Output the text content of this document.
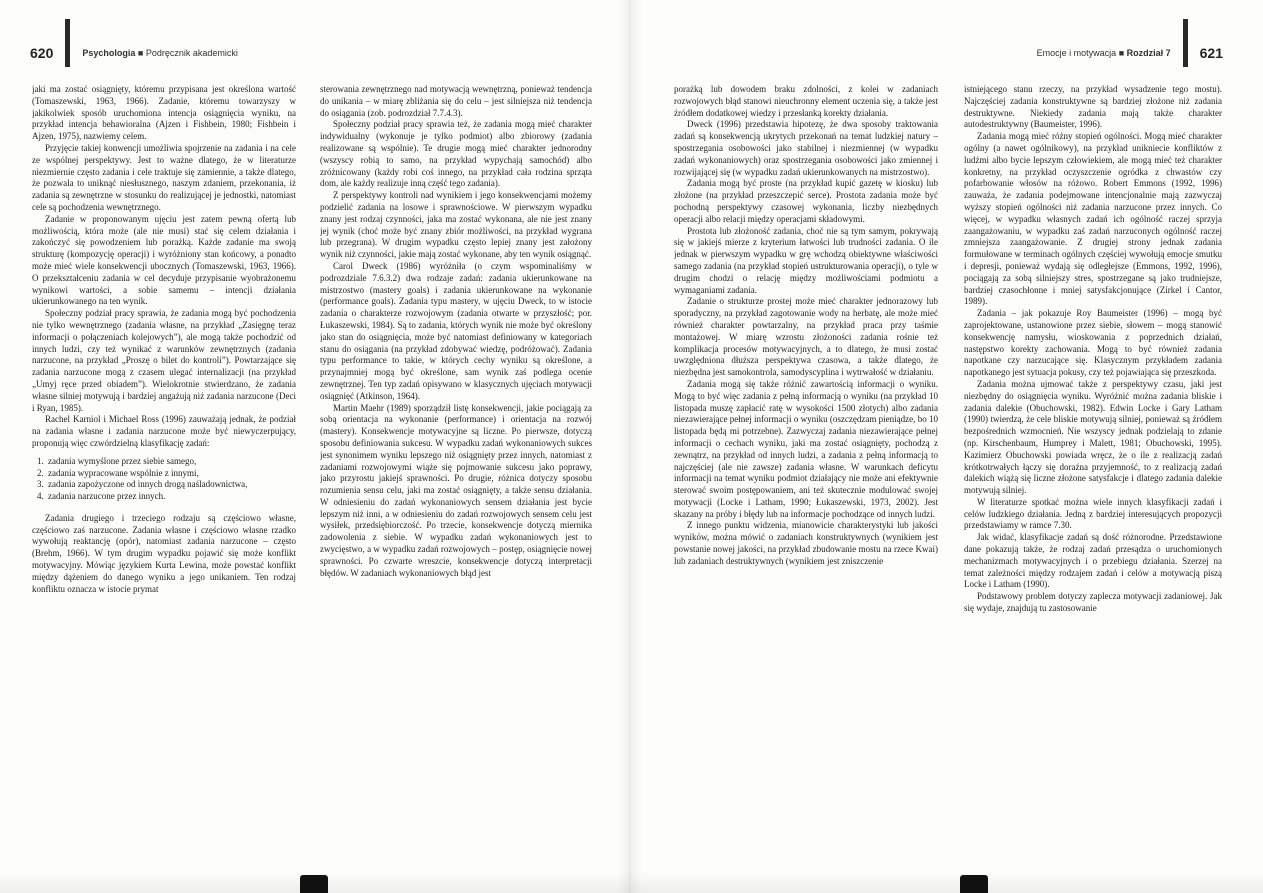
620	Psychologia ■ Podręcznik akademicki	Emocje i motywacja ■ Rozdział 7 621

jaki ma zostać osiągnięty, któremu przypisana jest określona wartość (Tomaszewski, 1963, 1966). Zadanie, któremu towarzyszy w jakikolwiek sposób uruchomiona intencja osiągnięcia wyniku, na przykład intencja behawioralna (Ajzen i Fishbein, 1980; Fishbein i Ajzen, 1975), nazwiemy celem.

Przyjęcie takiej konwencji umożliwia spojrzenie na zadania i na cele ze wspólnej perspektywy. Jest to ważne dlatego, że w literaturze niezmiernie często zadania i cele traktuje się zamiennie, a także dlatego, że pozwala to uniknąć niesłusznego, naszym zdaniem, przekonania, iż zadania są zewnętrzne w stosunku do realizującej je jednostki, natomiast cele są pochodzenia wewnętrznego.

Zadanie w proponowanym ujęciu jest zatem pewną ofertą lub możliwością, która może (ale nie musi) stać się celem działania i zakończyć się powodzeniem lub porażką. Każde zadanie ma swoją strukturę (kompozycję operacji) i wyróżniony stan końcowy, a ponadto może mieć wiele konsekwencji ubocznych (Tomaszewski, 1963, 1966). O przekształceniu zadania w cel decyduje przypisanie wyobrażonemu wynikowi wartości, a sobie samemu – intencji działania ukierunkowanego na ten wynik.

Społeczny podział pracy sprawia, że zadania mogą być pochodzenia nie tylko wewnętrznego (zadania własne, na przykład „Zasięgnę teraz informacji o połączeniach kolejowych”), ale mogą także pochodzić od innych ludzi, czy też wynikać z warunków zewnętrznych (zadania narzucone, na przykład „Proszę o bilet do kontroli”). Powtarzające się zadania narzucone mogą z czasem ulegać internalizacji (na przykład „Umyj ręce przed obiadem”). Wielokrotnie stwierdzano, że zadania własne silniej motywują i bardziej angażują niż zadania narzucone (Deci i Ryan, 1985).

Rachel Karniol i Michael Ross (1996) zauważają jednak, że podział na zadania własne i zadania narzucone może być niewyczerpujący, proponują więc czwórdzielną klasyfikację zadań:

1. zadania wymyślone przez siebie samego,
2. zadania wypracowane wspólnie z innymi,
3. zadania zapożyczone od innych drogą naśladownictwa,
4. zadania narzucone przez innych.

Zadania drugiego i trzeciego rodzaju są częściowo własne, częściowo zaś narzucone. Zadania własne i częściowo własne rzadko wywołują reaktancję (opór), natomiast zadania narzucone – często (Brehm, 1966). W tym drugim wypadku pojawić się może konflikt motywacyjny. Mówiąc językiem Kurta Lewina, może powstać konflikt między dążeniem do danego wyniku a jego unikaniem. Ten rodzaj konfliktu oznacza w istocie prymat

sterowania zewnętrznego nad motywacją wewnętrzną, ponieważ tendencja do unikania – w miarę zbliżania się do celu – jest silniejsza niż tendencja do osiągania (zob. podrozdział 7.7.4.3).

Społeczny podział pracy sprawia też, że zadania mogą mieć charakter indywidualny (wykonuje je tylko podmiot) albo zbiorowy (zadania realizowane są wspólnie). Te drugie mogą mieć charakter jednorodny (wszyscy robią to samo, na przykład wypychają samochód) albo zróżnicowany (każdy robi coś innego, na przykład cała rodzina sprząta dom, ale każdy realizuje inną część tego zadania).

Z perspektywy kontroli nad wynikiem i jego konsekwencjami możemy podzielić zadania na losowe i sprawnościowe. W pierwszym wypadku znany jest rodzaj czynności, jaka ma zostać wykonana, ale nie jest znany jej wynik (choć może być znany zbiór możliwości, na przykład wygrana lub przegrana). W drugim wypadku często lepiej znany jest założony wynik niż czynności, jakie mają zostać wykonane, aby ten wynik osiągnąć.

Carol Dweck (1986) wyróżniła (o czym wspominaliśmy w podrozdziale 7.6.3.2) dwa rodzaje zadań: zadania ukierunkowane na mistrzostwo (mastery goals) i zadania ukierunkowane na wykonanie (performance goals). Zadania typu mastery, w ujęciu Dweck, to w istocie zadania o charakterze rozwojowym (zadania otwarte w przyszłość; por. Łukaszewski, 1984). Są to zadania, których wynik nie może być określony jako stan do osiągnięcia, może być natomiast definiowany w kategoriach stanu do osiągania (na przykład zdobywać wiedzę, podróżować). Zadania typu performance to takie, w których cechy wyniku są określone, a przynajmniej mogą być określone, sam wynik zaś podlega ocenie zewnętrznej. Ten typ zadań opisywano w klasycznych ujęciach motywacji osiągnięć (Atkinson, 1964).

Martin Maehr (1989) sporządził listę konsekwencji, jakie pociągają za sobą orientacja na wykonanie (performance) i orientacja na rozwój (mastery). Konsekwencje motywacyjne są liczne. Po pierwsze, dotyczą sposobu definiowania sukcesu. W wypadku zadań wykonaniowych sukces jest synonimem wyniku lepszego niż osiągnięty przez innych, natomiast z zadaniami rozwojowymi wiąże się pojmowanie sukcesu jako poprawy, jako przyrostu jakiejś sprawności. Po drugie, różnica dotyczy sposobu rozumienia sensu celu, jaki ma zostać osiągnięty, a także sensu działania. W odniesieniu do zadań wykonaniowych sensem działania jest bycie lepszym niż inni, a w odniesieniu do zadań rozwojowych sensem celu jest wysiłek, przedsiębiorczość. Po trzecie, konsekwencje dotyczą miernika zadowolenia z siebie. W wypadku zadań wykonaniowych jest to zwycięstwo, a w wypadku zadań rozwojowych – postęp, osiągnięcie nowej sprawności. Po czwarte wreszcie, konsekwencje dotyczą interpretacji błędów. W zadaniach wykonaniowych błąd jest

porażką lub dowodem braku zdolności, z kolei w zadaniach rozwojowych błąd stanowi nieuchronny element uczenia się, a także jest źródłem dodatkowej wiedzy i przesłanką korekty działania.

Dweck (1996) przedstawia hipotezę, że dwa sposoby traktowania zadań są konsekwencją ukrytych przekonań na temat ludzkiej natury – spostrzegania osobowości jako stabilnej i niezmiennej (w wypadku zadań wykonaniowych) oraz spostrzegania osobowości jako zmiennej i rozwijającej się (w wypadku zadań ukierunkowanych na mistrzostwo).

Zadania mogą być proste (na przykład kupić gazetę w kiosku) lub złożone (na przykład przeszczepić serce). Prostota zadania może być pochodną perspektywy czasowej wykonania, liczby niezbędnych operacji albo relacji między operacjami składowymi.

Prostota lub złożoność zadania, choć nie są tym samym, pokrywają się w jakiejś mierze z kryterium łatwości lub trudności zadania. O ile jednak w pierwszym wypadku w grę wchodzą obiektywne właściwości samego zadania (na przykład stopień ustrukturowania operacji), o tyle w drugim chodzi o relację między możliwościami podmiotu a wymaganiami zadania.

Zadanie o strukturze prostej może mieć charakter jednorazowy lub sporadyczny, na przykład zagotowanie wody na herbatę, ale może mieć również charakter powtarzalny, na przykład praca przy taśmie montażowej. W miarę wzrostu złożoności zadania rośnie też komplikacja procesów motywacyjnych, a to dlatego, że musi zostać uwzględniona dłuższa perspektywa czasowa, a także dlatego, że niezbędna jest samokontrola, samodyscyplina i wytrwałość w działaniu.

Zadania mogą się także różnić zawartością informacji o wyniku. Mogą to być więc zadania z pełną informacją o wyniku (na przykład 10 listopada muszę zapłacić ratę w wysokości 1500 złotych) albo zadania niezawierające pełnej informacji o wyniku (oszczędzam pieniądze, bo 10 listopada będą mi potrzebne). Zazwyczaj zadania niezawierające pełnej informacji o cechach wyniku, jaki ma zostać osiągnięty, pochodzą z zewnątrz, na przykład od innych ludzi, a zadania z pełną informacją to najczęściej (ale nie zawsze) zadania własne. W warunkach deficytu informacji na temat wyniku podmiot działający nie może ani efektywnie sterować swoim postępowaniem, ani też skutecznie modulować swojej motywacji (Locke i Latham, 1990; Łukaszewski, 1973, 2002). Jest skazany na próby i błędy lub na informacje pochodzące od innych ludzi.

Z innego punktu widzenia, mianowicie charakterystyki lub jakości wyników, można mówić o zadaniach konstruktywnych (wynikiem jest powstanie nowej jakości, na przykład zbudowanie mostu na rzece Kwai) lub zadaniach destruktywnych (wynikiem jest zniszczenie

istniejącego stanu rzeczy, na przykład wysadzenie tego mostu). Najczęściej zadania konstruktywne są bardziej złożone niż zadania destruktywne. Niekiedy zadania mają także charakter autodestruktywny (Baumeister, 1996).

Zadania mogą mieć różny stopień ogólności. Mogą mieć charakter ogólny (a nawet ogólnikowy), na przykład unikniecie konfliktów z ludźmi albo bycie lepszym człowiekiem, ale mogą mieć też charakter konkretny, na przykład oczyszczenie ogródka z chwastów czy pofarbowanie włosów na różowo. Robert Emmons (1992, 1996) zauważa, że zadania podejmowane intencjonalnie mają zazwyczaj wyższy stopień ogólności niż zadania narzucone przez innych. Co więcej, w wypadku własnych zadań ich ogólność raczej sprzyja zaangażowaniu, w wypadku zaś zadań narzuconych ogólność raczej zmniejsza zaangażowanie. Z drugiej strony jednak zadania formułowane w terminach ogólnych częściej wywołują emocje smutku i depresji, ponieważ wydają się odległejsze (Emmons, 1992, 1996), pociągają za sobą silniejszy stres, spostrzegane są jako trudniejsze, bardziej czasochłonne i mniej satysfakcjonujące (Zirkel i Cantor, 1989).

Zadania – jak pokazuje Roy Baumeister (1996) – mogą być zaprojektowane, ustanowione przez siebie, słowem – mogą stanowić konsekwencję namysłu, wioskowania z poprzednich działań, następstwo korekty zachowania. Mogą to być również zadania napotkane czy narzucające się. Klasycznym przykładem zadania napotkanego jest sytuacja pokusy, czy też pojawiająca się przeszkoda.

Zadania można ujmować także z perspektywy czasu, jaki jest niezbędny do osiągnięcia wyniku. Wyróżnić można zadania bliskie i zadania dalekie (Obuchowski, 1982). Edwin Locke i Gary Latham (1990) twierdzą, że cele bliskie motywują silniej, ponieważ są źródłem bezpośrednich wzmocnień. Nie wszyscy jednak podzielają to zdanie (np. Kirschenbaum, Humprey i Malett, 1981; Obuchowski, 1995). Kazimierz Obuchowski powiada wręcz, że o ile z realizacją zadań krótkotrwałych łączy się doraźna przyjemność, to z realizacją zadań dalekich wiążą się liczne złożone satysfakcje i dlatego zadania dalekie motywują silniej.

W literaturze spotkać można wiele innych klasyfikacji zadań i celów ludzkiego działania. Jedną z bardziej interesujących propozycji przedstawiamy w ramce 7.30.

Jak widać, klasyfikacje zadań są dość różnorodne. Przedstawione dane pokazują także, że rodzaj zadań przesądza o uruchomionych mechanizmach motywacyjnych i o przebiegu działania. Szerzej na temat zależności między rodzajem zadań i celów a motywacją piszą Locke i Latham (1990).

Podstawowy problem dotyczy zaplecza motywacji zadaniowej. Jak się wydaje, znajdują tu zastosowanie
